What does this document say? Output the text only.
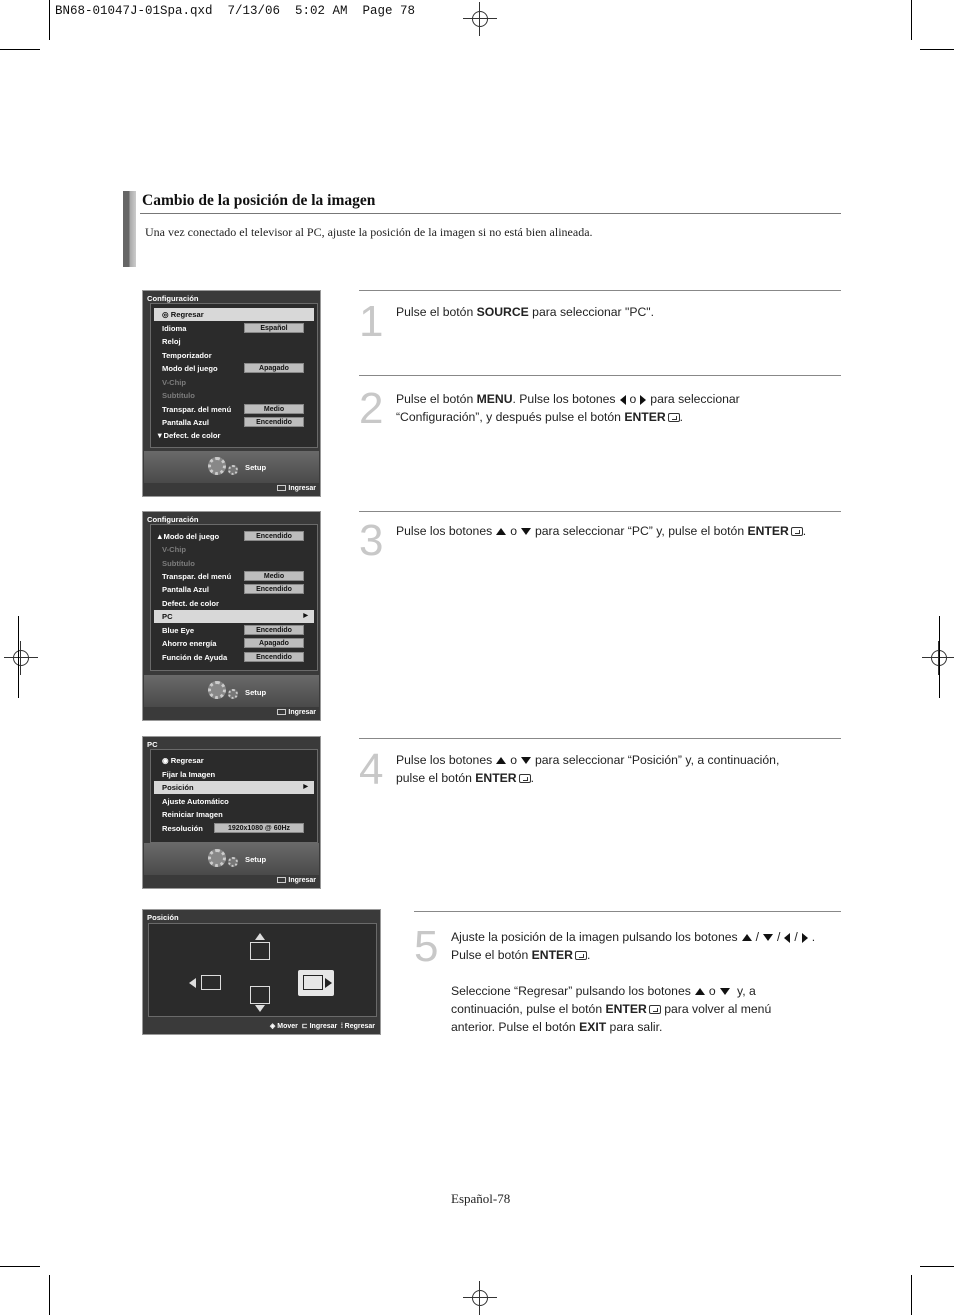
BN68-01047J-01Spa.qxd  7/13/06  5:02 AM  Page 78
Cambio de la posición de la imagen
Una vez conectado el televisor al PC, ajuste la posición de la imagen si no está bien alineada.
Configuración
◎ Regresar
Idioma	Español
Reloj
Temporizador
Modo del juego	Apagado
V-Chip
Subtítulo
Transpar. del menú	Medio
Pantalla Azul	Encendido
▼Defect. de color
Setup
Ingresar
Configuración
▲Modo del juego	Encendido
V-Chip
Subtítulo
Transpar. del menú	Medio
Pantalla Azul	Encendido
Defect. de color
PC	▶
Blue Eye	Encendido
Ahorro energía	Apagado
Función de Ayuda	Encendido
Setup
Ingresar
PC
◉ Regresar
Fijar la Imagen
Posición	▶
Ajuste Automático
Reiniciar Imagen
Resolución	1920x1080 @ 60Hz
Setup
Ingresar
Posición
◈ Mover  ⊏ Ingresar  ⦙ Regresar
1 Pulse el botón SOURCE para seleccionar "PC".
2 Pulse el botón MENU. Pulse los botones o para seleccionar
“Configuración”, y después pulse el botón ENTER .
3 Pulse los botones o para seleccionar “PC” y, pulse el botón ENTER .
4 Pulse los botones o para seleccionar “Posición” y, a continuación,
pulse el botón ENTER .
5 Ajuste la posición de la imagen pulsando los botones / / / .
Pulse el botón ENTER .

Seleccione “Regresar” pulsando los botones o y, a
continuación, pulse el botón ENTER para volver al menú
anterior. Pulse el botón EXIT para salir.
Español-78
